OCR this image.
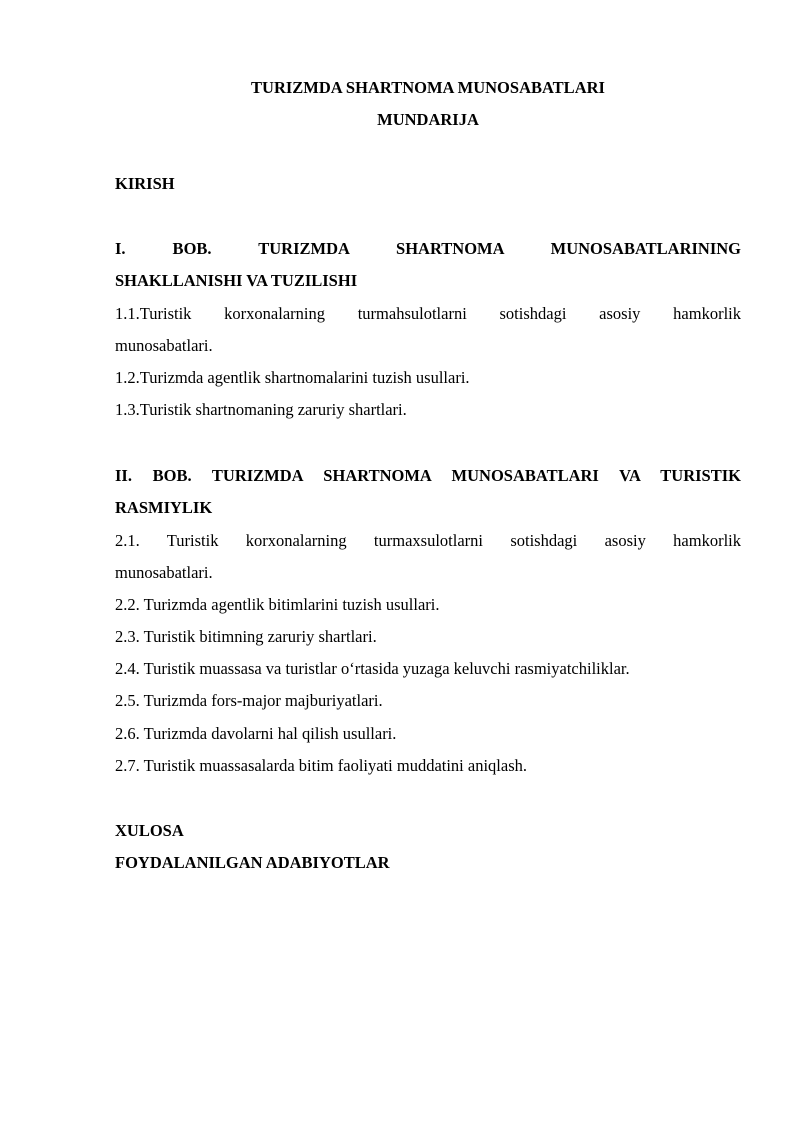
TURIZMDA SHARTNOMA MUNOSABATLARI
MUNDARIJA
KIRISH
I. BOB. TURIZMDA SHARTNOMA MUNOSABATLARINING
SHAKLLANISHI VA TUZILISHI
1.1.Turistik korxonalarning turmahsulotlarni sotishdagi asosiy hamkorlik
munosabatlari.
1.2.Turizmda agentlik shartnomalarini tuzish usullari.
1.3.Turistik shartnomaning zaruriy shartlari.
II. BOB. TURIZMDA SHARTNOMA MUNOSABATLARI VA TURISTIK
RASMIYLIK
2.1. Turistik korxonalarning turmaxsulotlarni sotishdagi asosiy hamkorlik
munosabatlari.
2.2. Turizmda agentlik bitimlarini tuzish usullari.
2.3. Turistik bitimning zaruriy shartlari.
2.4. Turistik muassasa va turistlar oʻrtasida yuzaga keluvchi rasmiyatchiliklar.
2.5. Turizmda fors-major majburiyatlari.
2.6. Turizmda davolarni hal qilish usullari.
2.7. Turistik muassasalarda bitim faoliyati muddatini aniqlash.
XULOSA
FOYDALANILGAN ADABIYOTLAR
